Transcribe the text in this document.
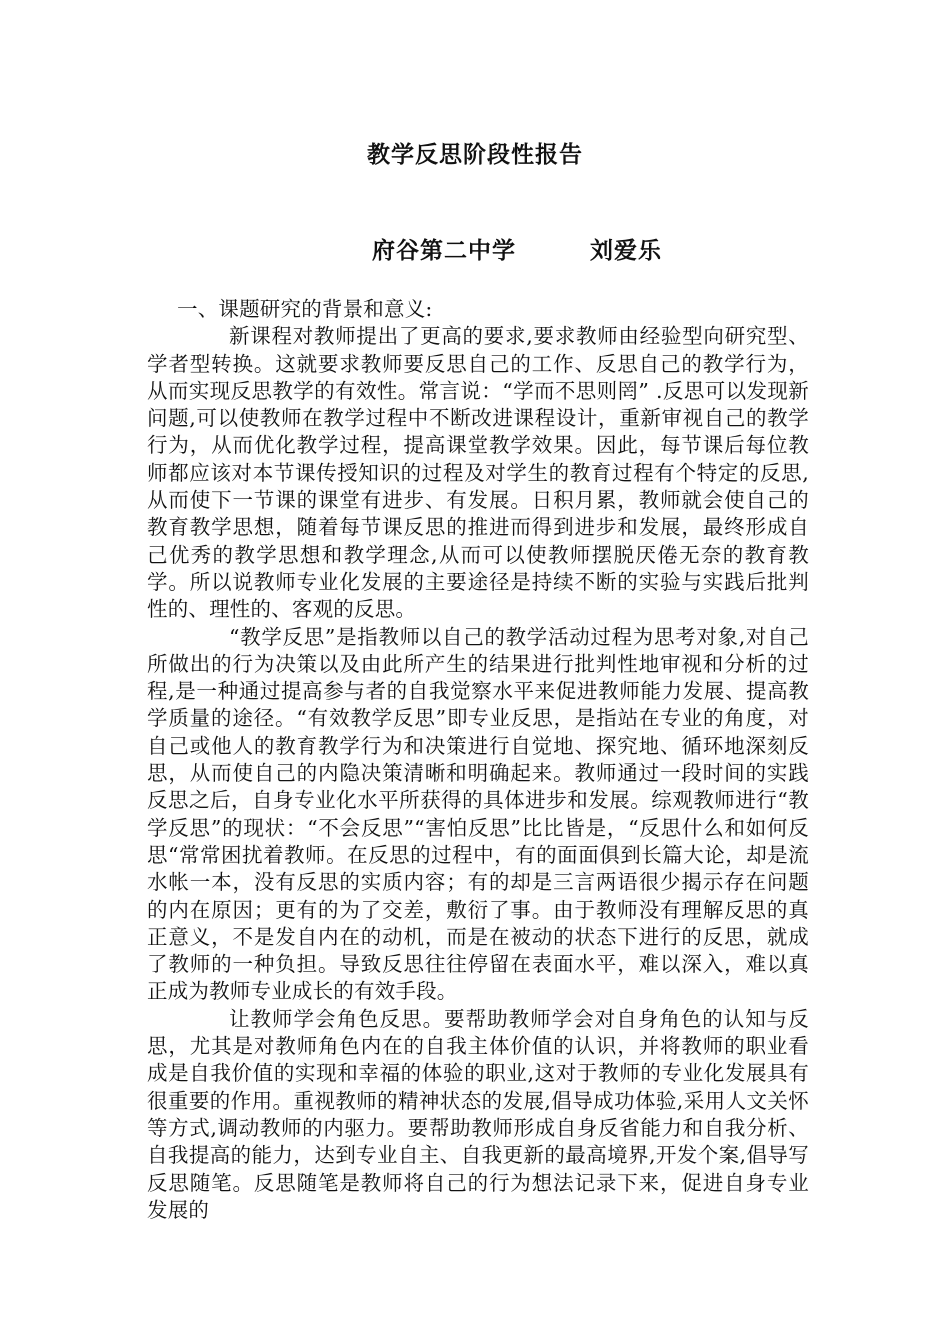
教学反思阶段性报告
府谷第二中学	刘爱乐

一、课题研究的背景和意义:

新课程对教师提出了更高的要求,要求教师由经验型向研究型、学者型转换。这就要求教师要反思自己的工作、反思自己的教学行为，从而实现反思教学的有效性。常言说：“学而不思则罔” .反思可以发现新问题,可以使教师在教学过程中不断改进课程设计，重新审视自己的教学行为，从而优化教学过程，提高课堂教学效果。因此，每节课后每位教师都应该对本节课传授知识的过程及对学生的教育过程有个特定的反思,从而使下一节课的课堂有进步、有发展。日积月累，教师就会使自己的教育教学思想，随着每节课反思的推进而得到进步和发展，最终形成自己优秀的教学思想和教学理念,从而可以使教师摆脱厌倦无奈的教育教学。所以说教师专业化发展的主要途径是持续不断的实验与实践后批判性的、理性的、客观的反思。

“教学反思”是指教师以自己的教学活动过程为思考对象,对自己所做出的行为决策以及由此所产生的结果进行批判性地审视和分析的过程,是一种通过提高参与者的自我觉察水平来促进教师能力发展、提高教学质量的途径。“有效教学反思”即专业反思，是指站在专业的角度，对自己或他人的教育教学行为和决策进行自觉地、探究地、循环地深刻反思，从而使自己的内隐决策清晰和明确起来。教师通过一段时间的实践反思之后，自身专业化水平所获得的具体进步和发展。综观教师进行“教学反思”的现状：“不会反思”“害怕反思”比比皆是，“反思什么和如何反思“常常困扰着教师。在反思的过程中，有的面面俱到长篇大论，却是流水帐一本，没有反思的实质内容；有的却是三言两语很少揭示存在问题的内在原因；更有的为了交差，敷衍了事。由于教师没有理解反思的真正意义，不是发自内在的动机，而是在被动的状态下进行的反思，就成了教师的一种负担。导致反思往往停留在表面水平，难以深入，难以真正成为教师专业成长的有效手段。

让教师学会角色反思。要帮助教师学会对自身角色的认知与反思，尤其是对教师角色内在的自我主体价值的认识，并将教师的职业看成是自我价值的实现和幸福的体验的职业,这对于教师的专业化发展具有很重要的作用。重视教师的精神状态的发展,倡导成功体验,采用人文关怀等方式,调动教师的内驱力。要帮助教师形成自身反省能力和自我分析、自我提高的能力，达到专业自主、自我更新的最高境界,开发个案,倡导写反思随笔。反思随笔是教师将自己的行为想法记录下来，促进自身专业发展的
